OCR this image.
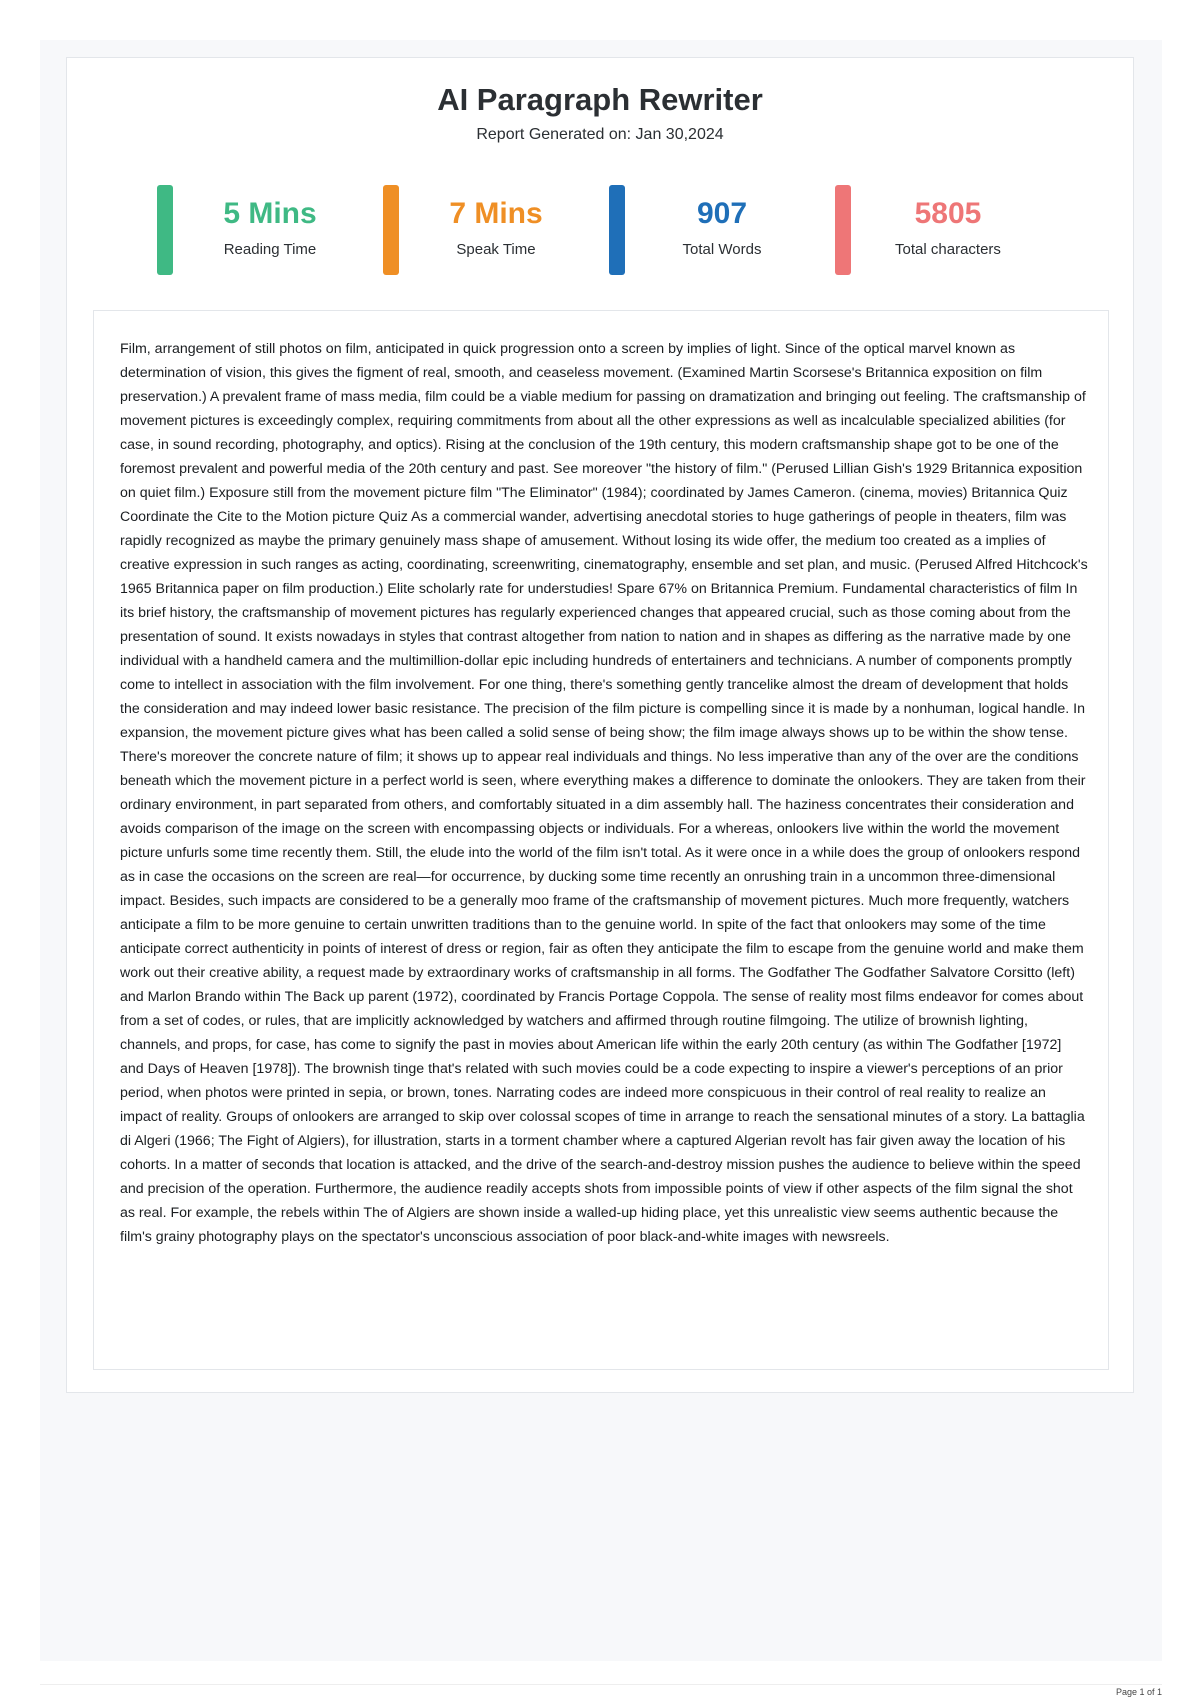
AI Paragraph Rewriter
Report Generated on: Jan 30,2024
5 Mins
Reading Time
7 Mins
Speak Time
907
Total Words
5805
Total characters

Film, arrangement of still photos on film, anticipated in quick progression onto a screen by implies of light. Since of the optical marvel known as determination of vision, this gives the figment of real, smooth, and ceaseless movement. (Examined Martin Scorsese's Britannica exposition on film preservation.) A prevalent frame of mass media, film could be a viable medium for passing on dramatization and bringing out feeling. The craftsmanship of movement pictures is exceedingly complex, requiring commitments from about all the other expressions as well as incalculable specialized abilities (for case, in sound recording, photography, and optics). Rising at the conclusion of the 19th century, this modern craftsmanship shape got to be one of the foremost prevalent and powerful media of the 20th century and past. See moreover "the history of film." (Perused Lillian Gish's 1929 Britannica exposition on quiet film.) Exposure still from the movement picture film "The Eliminator" (1984); coordinated by James Cameron. (cinema, movies) Britannica Quiz Coordinate the Cite to the Motion picture Quiz As a commercial wander, advertising anecdotal stories to huge gatherings of people in theaters, film was rapidly recognized as maybe the primary genuinely mass shape of amusement. Without losing its wide offer, the medium too created as a implies of creative expression in such ranges as acting, coordinating, screenwriting, cinematography, ensemble and set plan, and music. (Perused Alfred Hitchcock's 1965 Britannica paper on film production.) Elite scholarly rate for understudies! Spare 67% on Britannica Premium. Fundamental characteristics of film In its brief history, the craftsmanship of movement pictures has regularly experienced changes that appeared crucial, such as those coming about from the presentation of sound. It exists nowadays in styles that contrast altogether from nation to nation and in shapes as differing as the narrative made by one individual with a handheld camera and the multimillion-dollar epic including hundreds of entertainers and technicians. A number of components promptly come to intellect in association with the film involvement. For one thing, there's something gently trancelike almost the dream of development that holds the consideration and may indeed lower basic resistance. The precision of the film picture is compelling since it is made by a nonhuman, logical handle. In expansion, the movement picture gives what has been called a solid sense of being show; the film image always shows up to be within the show tense. There's moreover the concrete nature of film; it shows up to appear real individuals and things. No less imperative than any of the over are the conditions beneath which the movement picture in a perfect world is seen, where everything makes a difference to dominate the onlookers. They are taken from their ordinary environment, in part separated from others, and comfortably situated in a dim assembly hall. The haziness concentrates their consideration and avoids comparison of the image on the screen with encompassing objects or individuals. For a whereas, onlookers live within the world the movement picture unfurls some time recently them. Still, the elude into the world of the film isn't total. As it were once in a while does the group of onlookers respond as in case the occasions on the screen are real—for occurrence, by ducking some time recently an onrushing train in a uncommon three-dimensional impact. Besides, such impacts are considered to be a generally moo frame of the craftsmanship of movement pictures. Much more frequently, watchers anticipate a film to be more genuine to certain unwritten traditions than to the genuine world. In spite of the fact that onlookers may some of the time anticipate correct authenticity in points of interest of dress or region, fair as often they anticipate the film to escape from the genuine world and make them work out their creative ability, a request made by extraordinary works of craftsmanship in all forms. The Godfather The Godfather Salvatore Corsitto (left) and Marlon Brando within The Back up parent (1972), coordinated by Francis Portage Coppola. The sense of reality most films endeavor for comes about from a set of codes, or rules, that are implicitly acknowledged by watchers and affirmed through routine filmgoing. The utilize of brownish lighting, channels, and props, for case, has come to signify the past in movies about American life within the early 20th century (as within The Godfather [1972] and Days of Heaven [1978]). The brownish tinge that's related with such movies could be a code expecting to inspire a viewer's perceptions of an prior period, when photos were printed in sepia, or brown, tones. Narrating codes are indeed more conspicuous in their control of real reality to realize an impact of reality. Groups of onlookers are arranged to skip over colossal scopes of time in arrange to reach the sensational minutes of a story. La battaglia di Algeri (1966; The Fight of Algiers), for illustration, starts in a torment chamber where a captured Algerian revolt has fair given away the location of his cohorts. In a matter of seconds that location is attacked, and the drive of the search-and-destroy mission pushes the audience to believe within the speed and precision of the operation. Furthermore, the audience readily accepts shots from impossible points of view if other aspects of the film signal the shot as real. For example, the rebels within The of Algiers are shown inside a walled-up hiding place, yet this unrealistic view seems authentic because the film's grainy photography plays on the spectator's unconscious association of poor black-and-white images with newsreels.

Page 1 of 1
